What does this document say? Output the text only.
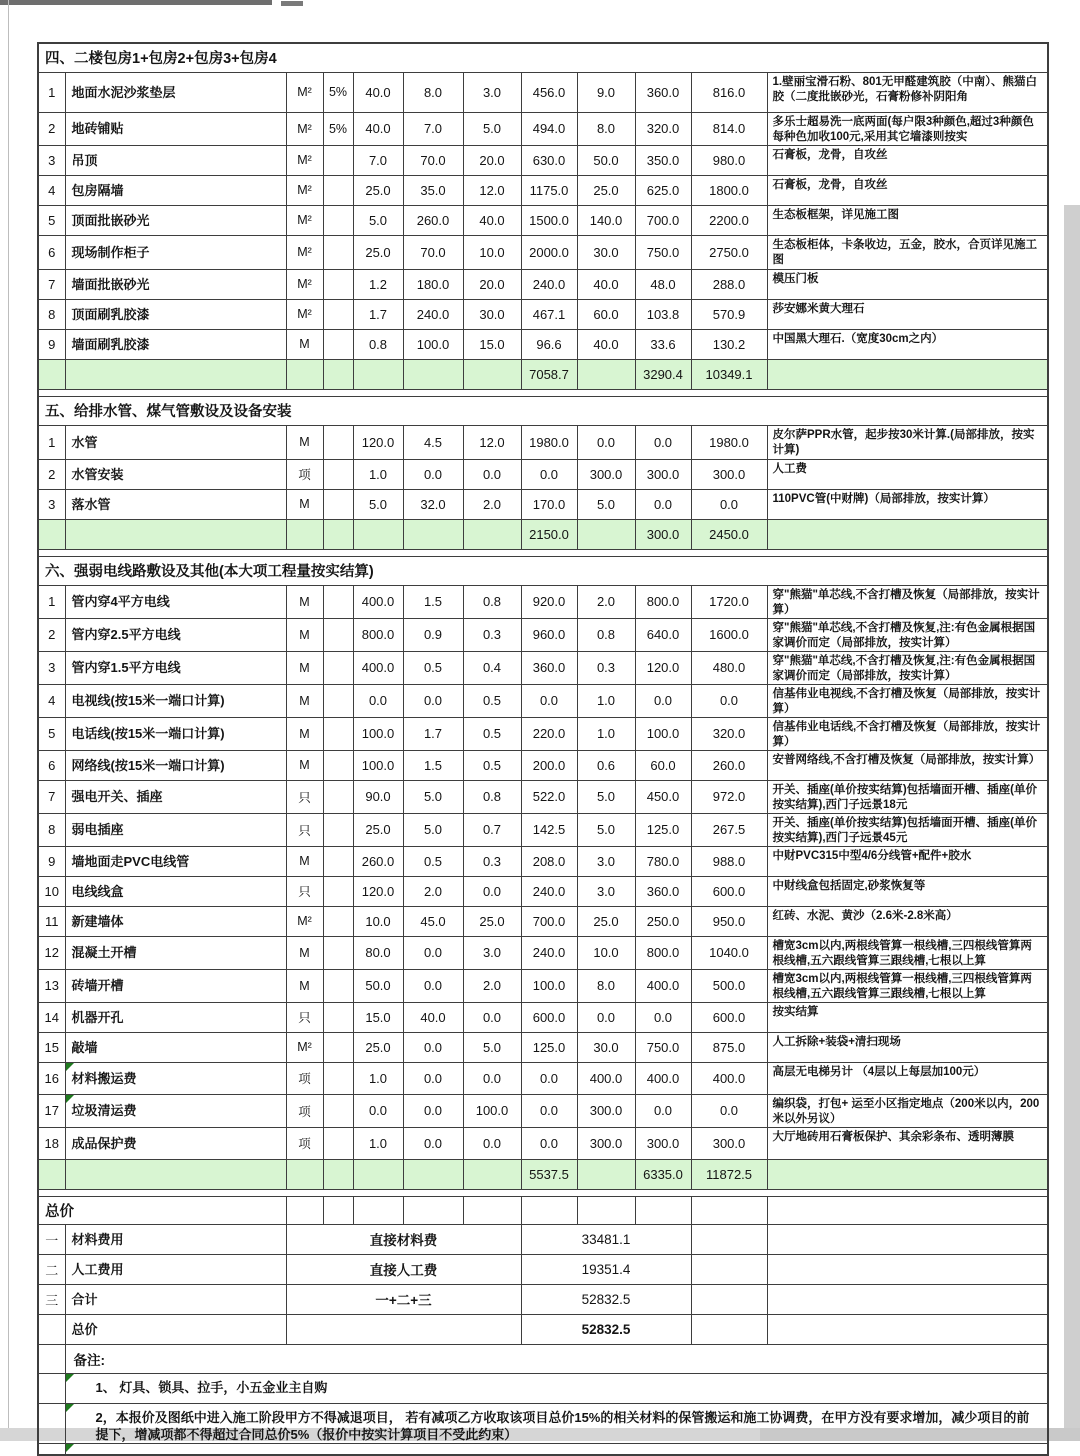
四、二楼包房1+包房2+包房3+包房4											
1	地面水泥沙浆垫层	M²	5%	40.0	8.0	3.0	456.0	9.0	360.0	816.0	1.壁丽宝滑石粉、801无甲醛建筑胶（中南）、熊猫白胶（二度批嵌砂光，石膏粉修补阴阳角
2	地砖铺贴	M²	5%	40.0	7.0	5.0	494.0	8.0	320.0	814.0	多乐士超易洗一底两面(每户限3种颜色,超过3种颜色每种色加收100元,采用其它墙漆则按实
3	吊顶	M²		7.0	70.0	20.0	630.0	50.0	350.0	980.0	石膏板，龙骨，自攻丝
4	包房隔墙	M²		25.0	35.0	12.0	1175.0	25.0	625.0	1800.0	石膏板，龙骨，自攻丝
5	顶面批嵌砂光	M²		5.0	260.0	40.0	1500.0	140.0	700.0	2200.0	生态板框架，详见施工图
6	现场制作柜子	M²		25.0	70.0	10.0	2000.0	30.0	750.0	2750.0	生态板柜体，卡条收边，五金，胶水，合页详见施工图
7	墙面批嵌砂光	M²		1.2	180.0	20.0	240.0	40.0	48.0	288.0	模压门板
8	顶面刷乳胶漆	M²		1.7	240.0	30.0	467.1	60.0	103.8	570.9	莎安娜米黄大理石
9	墙面刷乳胶漆	M		0.8	100.0	15.0	96.6	40.0	33.6	130.2	中国黑大理石.（宽度30cm之内）
							7058.7		3290.4	10349.1	

五、给排水管、煤气管敷设及设备安装											
1	水管	M		120.0	4.5	12.0	1980.0	0.0	0.0	1980.0	皮尔萨PPR水管，起步按30米计算.(局部排放，按实计算)
2	水管安装	项		1.0	0.0	0.0	0.0	300.0	300.0	300.0	人工费
3	落水管	M		5.0	32.0	2.0	170.0	5.0	0.0	0.0	110PVC管(中财牌)（局部排放，按实计算）
							2150.0		300.0	2450.0	

六、强弱电线路敷设及其他(本大项工程量按实结算)											
1	管内穿4平方电线	M		400.0	1.5	0.8	920.0	2.0	800.0	1720.0	穿"熊猫"单芯线,不含打槽及恢复（局部排放，按实计算）
2	管内穿2.5平方电线	M		800.0	0.9	0.3	960.0	0.8	640.0	1600.0	穿"熊猫"单芯线,不含打槽及恢复,注:有色金属根据国家调价而定（局部排放，按实计算）
3	管内穿1.5平方电线	M		400.0	0.5	0.4	360.0	0.3	120.0	480.0	穿"熊猫"单芯线,不含打槽及恢复,注:有色金属根据国家调价而定（局部排放，按实计算）
4	电视线(按15米一端口计算)	M		0.0	0.0	0.5	0.0	1.0	0.0	0.0	信基伟业电视线,不含打槽及恢复（局部排放，按实计算）
5	电话线(按15米一端口计算)	M		100.0	1.7	0.5	220.0	1.0	100.0	320.0	信基伟业电话线,不含打槽及恢复（局部排放，按实计算）
6	网络线(按15米一端口计算)	M		100.0	1.5	0.5	200.0	0.6	60.0	260.0	安普网络线,不含打槽及恢复（局部排放，按实计算）
7	强电开关、插座	只		90.0	5.0	0.8	522.0	5.0	450.0	972.0	开关、插座(单价按实结算)包括墙面开槽、插座(单价按实结算),西门子远景18元
8	弱电插座	只		25.0	5.0	0.7	142.5	5.0	125.0	267.5	开关、插座(单价按实结算)包括墙面开槽、插座(单价按实结算),西门子远景45元
9	墙地面走PVC电线管	M		260.0	0.5	0.3	208.0	3.0	780.0	988.0	中财PVC315中型4/6分线管+配件+胶水
10	电线线盒	只		120.0	2.0	0.0	240.0	3.0	360.0	600.0	中财线盒包括固定,砂浆恢复等
11	新建墙体	M²		10.0	45.0	25.0	700.0	25.0	250.0	950.0	红砖、水泥、黄沙（2.6米-2.8米高）
12	混凝土开槽	M		80.0	0.0	3.0	240.0	10.0	800.0	1040.0	槽宽3cm以内,两根线管算一根线槽,三四根线管算两根线槽,五六跟线管算三跟线槽,七根以上算
13	砖墙开槽	M		50.0	0.0	2.0	100.0	8.0	400.0	500.0	槽宽3cm以内,两根线管算一根线槽,三四根线管算两根线槽,五六跟线管算三跟线槽,七根以上算
14	机器开孔	只		15.0	40.0	0.0	600.0	0.0	0.0	600.0	按实结算
15	敲墙	M²		25.0	0.0	5.0	125.0	30.0	750.0	875.0	人工拆除+装袋+清扫现场
16	材料搬运费	项		1.0	0.0	0.0	0.0	400.0	400.0	400.0	高层无电梯另计 （4层以上每层加100元）
17	垃圾清运费	项		0.0	0.0	100.0	0.0	300.0	0.0	0.0	编织袋，打包+ 运至小区指定地点（200米以内，200米以外另议）
18	成品保护费	项		1.0	0.0	0.0	0.0	300.0	300.0	300.0	大厅地砖用石膏板保护、其余彩条布、透明薄膜
							5537.5		6335.0	11872.5	

总价											
一	材料费用	直接材料费					33481.1				
二	人工费用	直接人工费					19351.4				
三	合计	一+二+三					52832.5				
	总价						52832.5				
	备注:										

1、 灯具、锁具、拉手，小五金业主自购										

2，本报价及图纸中进入施工阶段甲方不得减退项目， 若有减项乙方收取该项目总价15%的相关材料的保管搬运和施工协调费，在甲方没有要求增加，减少项目的前提下，增减项都不得超过合同总价5%（报价中按实计算项目不受此约束）										
